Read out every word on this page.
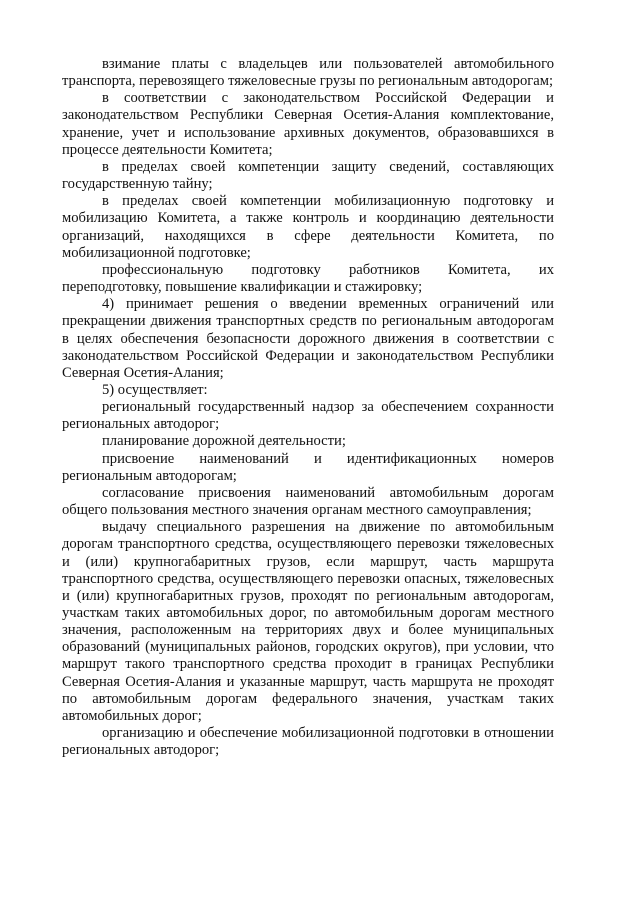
взимание платы с владельцев или пользователей автомобильного транспорта, перевозящего тяжеловесные грузы по региональным автодорогам;

в соответствии с законодательством Российской Федерации и законодательством Республики Северная Осетия-Алания комплектование, хранение, учет и использование архивных документов, образовавшихся в процессе деятельности Комитета;

в пределах своей компетенции защиту сведений, составляющих государственную тайну;

в пределах своей компетенции мобилизационную подготовку и мобилизацию Комитета, а также контроль и координацию деятельности организаций, находящихся в сфере деятельности Комитета, по мобилизационной подготовке;

профессиональную подготовку работников Комитета, их переподготовку, повышение квалификации и стажировку;

4) принимает решения о введении временных ограничений или прекращении движения транспортных средств по региональным автодорогам в целях обеспечения безопасности дорожного движения в соответствии с законодательством Российской Федерации и законодательством Республики Северная Осетия-Алания;

5) осуществляет:

региональный государственный надзор за обеспечением сохранности региональных автодорог;

планирование дорожной деятельности;

присвоение наименований и идентификационных номеров региональным автодорогам;

согласование присвоения наименований автомобильным дорогам общего пользования местного значения органам местного самоуправления;

выдачу специального разрешения на движение по автомобильным дорогам транспортного средства, осуществляющего перевозки тяжеловесных и (или) крупногабаритных грузов, если маршрут, часть маршрута транспортного средства, осуществляющего перевозки опасных, тяжеловесных и (или) крупногабаритных грузов, проходят по региональным автодорогам, участкам таких автомобильных дорог, по автомобильным дорогам местного значения, расположенным на территориях двух и более муниципальных образований (муниципальных районов, городских округов), при условии, что маршрут такого транспортного средства проходит в границах Республики Северная Осетия-Алания и указанные маршрут, часть маршрута не проходят по автомобильным дорогам федерального значения, участкам таких автомобильных дорог;

организацию и обеспечение мобилизационной подготовки в отношении региональных автодорог;
